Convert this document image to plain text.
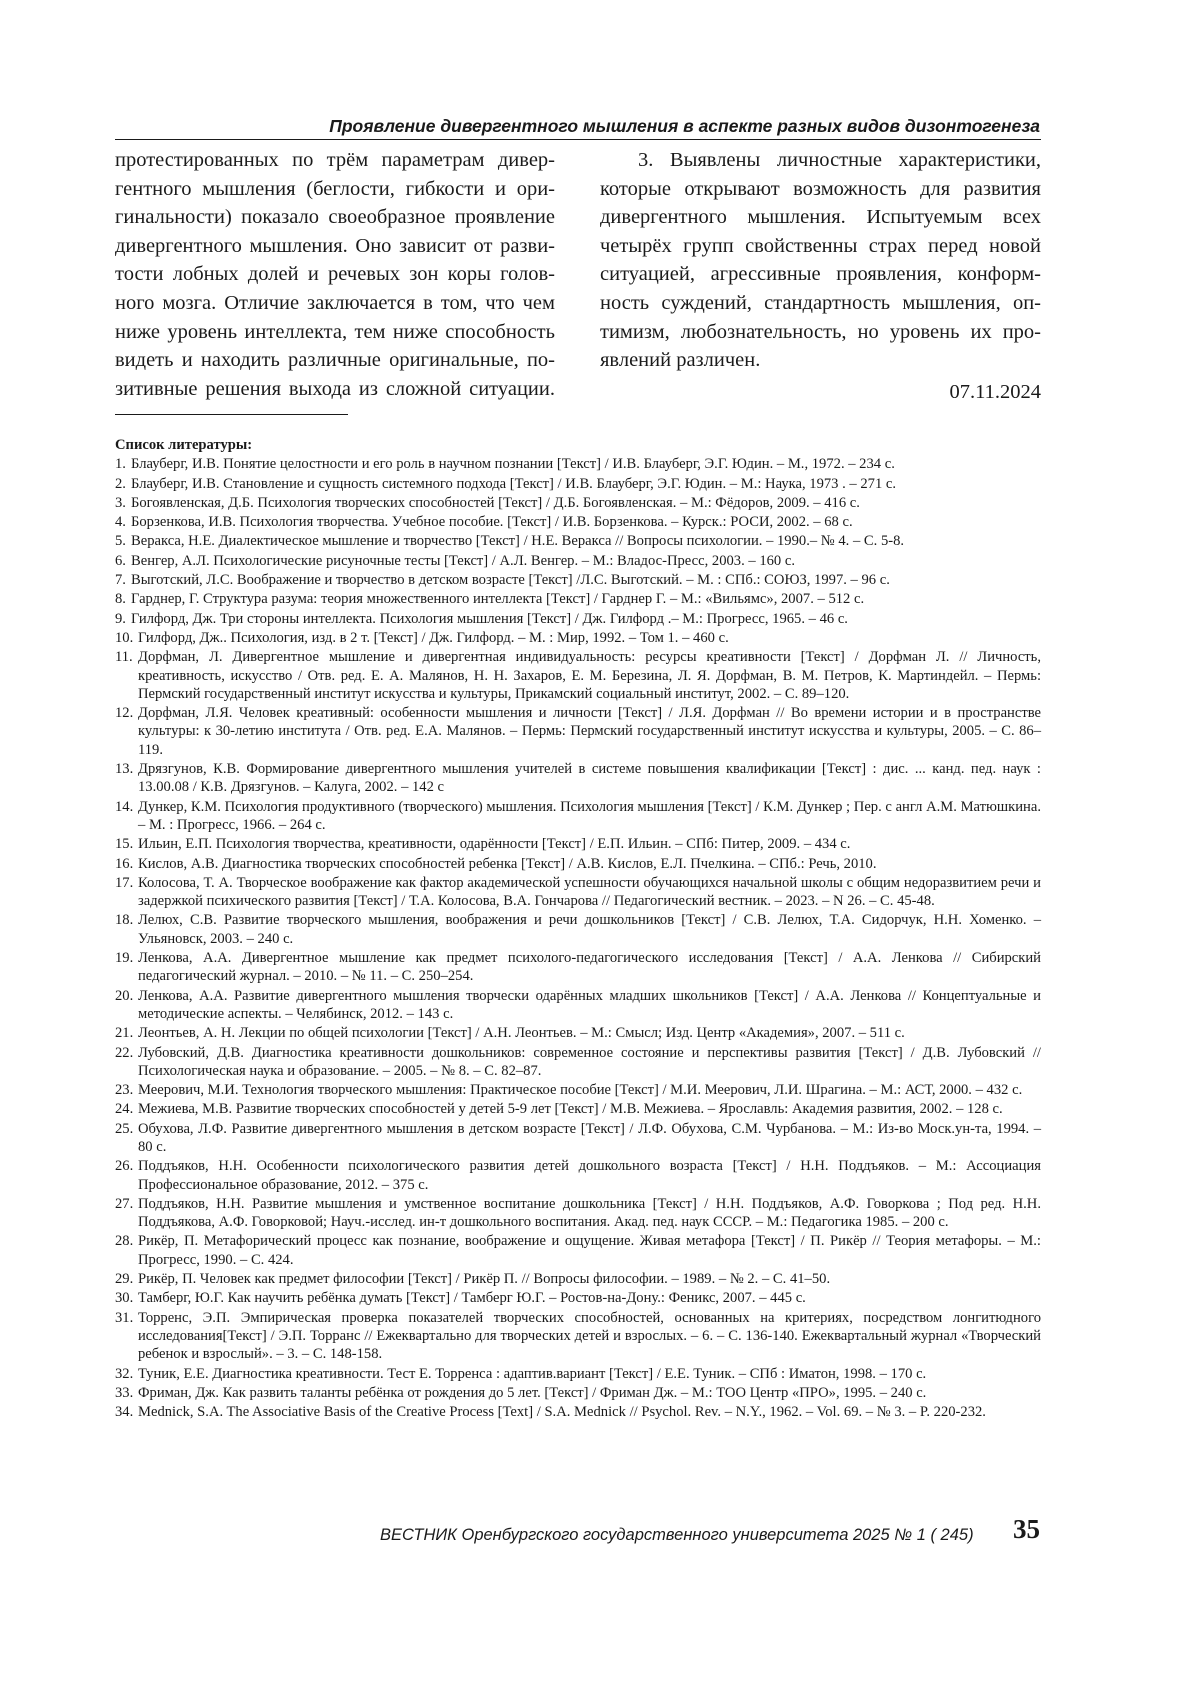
Проявление дивергентного мышления в аспекте разных видов дизонтогенеза
протестированных по трём параметрам дивер-
гентного мышления (беглости, гибкости и ори-
гинальности) показало своеобразное проявление
дивергентного мышления. Оно зависит от разви-
тости лобных долей и речевых зон коры голов-
ного мозга. Отличие заключается в том, что чем
ниже уровень интеллекта, тем ниже способность
видеть и находить различные оригинальные, по-
зитивные решения выхода из сложной ситуации.
3. Выявлены личностные характеристики,
которые открывают возможность для развития
дивергентного мышления. Испытуемым всех
четырёх групп свойственны страх перед новой
ситуацией, агрессивные проявления, конформ-
ность суждений, стандартность мышления, оп-
тимизм, любознательность, но уровень их про-
явлений различен.
07.11.2024
Список литературы:
1. Блауберг, И.В. Понятие целостности и его роль в научном познании [Текст] / И.В. Блауберг, Э.Г. Юдин. – М., 1972. – 234 с.
2. Блауберг, И.В. Становление и сущность системного подхода [Текст] / И.В. Блауберг, Э.Г. Юдин. – М.: Наука, 1973 . – 271 с.
3. Богоявленская, Д.Б. Психология творческих способностей [Текст] / Д.Б. Богоявленская. – М.: Фёдоров, 2009. – 416 с.
4. Борзенкова, И.В. Психология творчества. Учебное пособие. [Текст] / И.В. Борзенкова. – Курск.: РОСИ, 2002. – 68 с.
5. Веракса, Н.Е. Диалектическое мышление и творчество [Текст] / Н.Е. Веракса // Вопросы психологии. – 1990.– № 4. – С. 5-8.
6. Венгер, А.Л. Психологические рисуночные тесты [Текст] / А.Л. Венгер. – М.: Владос-Пресс, 2003. – 160 с.
7. Выготский, Л.С. Воображение и творчество в детском возрасте [Текст] /Л.С. Выготский. – М. : СПб.: СОЮЗ, 1997. – 96 с.
8. Гарднер, Г. Структура разума: теория множественного интеллекта [Текст] / Гарднер Г. – М.: «Вильямс», 2007. – 512 с.
9. Гилфорд, Дж. Три стороны интеллекта. Психология мышления [Текст] / Дж. Гилфорд .– М.: Прогресс, 1965. – 46 с.
10. Гилфорд, Дж.. Психология, изд. в 2 т. [Текст] / Дж. Гилфорд. – М. : Мир, 1992. – Том 1. – 460 с.
11. Дорфман, Л. Дивергентное мышление и дивергентная индивидуальность: ресурсы креативности [Текст] / Дорфман Л. // Личность, креативность, искусство / Отв. ред. Е. А. Малянов, Н. Н. Захаров, Е. М. Березина, Л. Я. Дорфман, В. М. Петров, К. Мартиндейл. – Пермь: Пермский государственный институт искусства и культуры, Прикамский социальный институт, 2002. – С. 89–120.
12. Дорфман, Л.Я. Человек креативный: особенности мышления и личности [Текст] / Л.Я. Дорфман // Во времени истории и в пространстве культуры: к 30-летию института / Отв. ред. Е.А. Малянов. – Пермь: Пермский государственный институт искусства и культуры, 2005. – С. 86–119.
13. Дрязгунов, К.В. Формирование дивергентного мышления учителей в системе повышения квалификации [Текст] : дис. ... канд. пед. наук : 13.00.08 / К.В. Дрязгунов. – Калуга, 2002. – 142 с
14. Дункер, К.М. Психология продуктивного (творческого) мышления. Психология мышления [Текст] / К.М. Дункер ; Пер. с англ А.М. Матюшкина. – М. : Прогресс, 1966. – 264 с.
15. Ильин, Е.П. Психология творчества, креативности, одарённости [Текст] / Е.П. Ильин. – СПб: Питер, 2009. – 434 с.
16. Кислов, А.В. Диагностика творческих способностей ребенка [Текст] / А.В. Кислов, Е.Л. Пчелкина. – СПб.: Речь, 2010.
17. Колосова, Т. А. Творческое воображение как фактор академической успешности обучающихся начальной школы с общим недоразвитием речи и задержкой психического развития [Текст] / Т.А. Колосова, В.А. Гончарова // Педагогический вестник. – 2023. – N 26. – С. 45-48.
18. Лелюх, С.В. Развитие творческого мышления, воображения и речи дошкольников [Текст] / С.В. Лелюх, Т.А. Сидорчук, Н.Н. Хоменко. – Ульяновск, 2003. – 240 с.
19. Ленкова, А.А. Дивергентное мышление как предмет психолого-педагогического исследования [Текст] / А.А. Ленкова // Сибирский педагогический журнал. – 2010. – № 11. – С. 250–254.
20. Ленкова, А.А. Развитие дивергентного мышления творчески одарённых младших школьников [Текст] / А.А. Ленкова // Концептуальные и методические аспекты. – Челябинск, 2012. – 143 с.
21. Леонтьев, А. Н. Лекции по общей психологии [Текст] / А.Н. Леонтьев. – М.: Смысл; Изд. Центр «Академия», 2007. – 511 с.
22. Лубовский, Д.В. Диагностика креативности дошкольников: современное состояние и перспективы развития [Текст] / Д.В. Лубовский // Психологическая наука и образование. – 2005. – № 8. – С. 82–87.
23. Меерович, М.И. Технология творческого мышления: Практическое пособие [Текст] / М.И. Меерович, Л.И. Шрагина. – М.: АСТ, 2000. – 432 с.
24. Межиева, М.В. Развитие творческих способностей у детей 5-9 лет [Текст] / М.В. Межиева. – Ярославль: Академия развития, 2002. – 128 с.
25. Обухова, Л.Ф. Развитие дивергентного мышления в детском возрасте [Текст] / Л.Ф. Обухова, С.М. Чурбанова. – М.: Из-во Моск.ун-та, 1994. – 80 с.
26. Поддъяков, Н.Н. Особенности психологического развития детей дошкольного возраста [Текст] / Н.Н. Поддъяков. – М.: Ассоциация Профессиональное образование, 2012. – 375 с.
27. Поддъяков, Н.Н. Развитие мышления и умственное воспитание дошкольника [Текст] / Н.Н. Поддъяков, А.Ф. Говоркова ; Под ред. Н.Н. Поддъякова, А.Ф. Говорковой; Науч.-исслед. ин-т дошкольного воспитания. Акад. пед. наук СССР. – М.: Педагогика 1985. – 200 с.
28. Рикёр, П. Метафорический процесс как познание, воображение и ощущение. Живая метафора [Текст] / П. Рикёр // Теория метафоры. – М.: Прогресс, 1990. – С. 424.
29. Рикёр, П. Человек как предмет философии [Текст] / Рикёр П. // Вопросы философии. – 1989. – № 2. – С. 41–50.
30. Тамберг, Ю.Г. Как научить ребёнка думать [Текст] / Тамберг Ю.Г. – Ростов-на-Дону.: Феникс, 2007. – 445 с.
31. Торренс, Э.П. Эмпирическая проверка показателей творческих способностей, основанных на критериях, посредством лонгитюдного исследования[Текст] / Э.П. Торранс // Ежеквартально для творческих детей и взрослых. – 6. – С. 136-140. Ежеквартальный журнал «Творческий ребенок и взрослый». – 3. – С. 148-158.
32. Туник, Е.Е. Диагностика креативности. Тест Е. Торренса : адаптив.вариант [Текст] / Е.Е. Туник. – СПб : Иматон, 1998. – 170 с.
33. Фриман, Дж. Как развить таланты ребёнка от рождения до 5 лет. [Текст] / Фриман Дж. – М.: ТОО Центр «ПРО», 1995. – 240 с.
34. Mednick, S.A. The Associative Basis of the Creative Process [Text] / S.A. Mednick // Psychol. Rev. – N.Y., 1962. – Vol. 69. – № 3. – P. 220-232.
ВЕСТНИК Оренбургского государственного университета 2025 № 1 ( 245)	35
